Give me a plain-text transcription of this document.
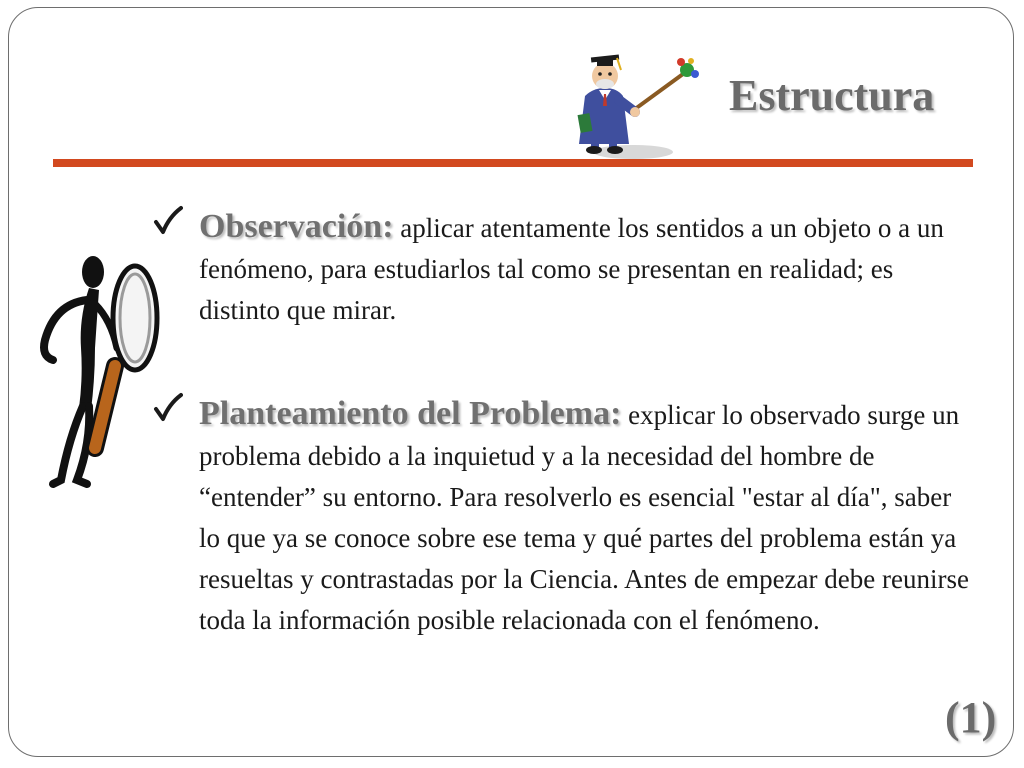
Estructura
Observación: aplicar atentamente los sentidos a un objeto o a un fenómeno, para estudiarlos tal como se presentan en realidad; es distinto que mirar.
Planteamiento del Problema: explicar lo observado surge un problema debido a la inquietud y a la necesidad del hombre de “entender” su entorno. Para resolverlo es esencial "estar al día", saber lo que ya se conoce sobre ese tema y qué partes del problema están ya resueltas y contrastadas por la Ciencia. Antes de empezar debe reunirse toda la información posible relacionada con el fenómeno.
(1)
